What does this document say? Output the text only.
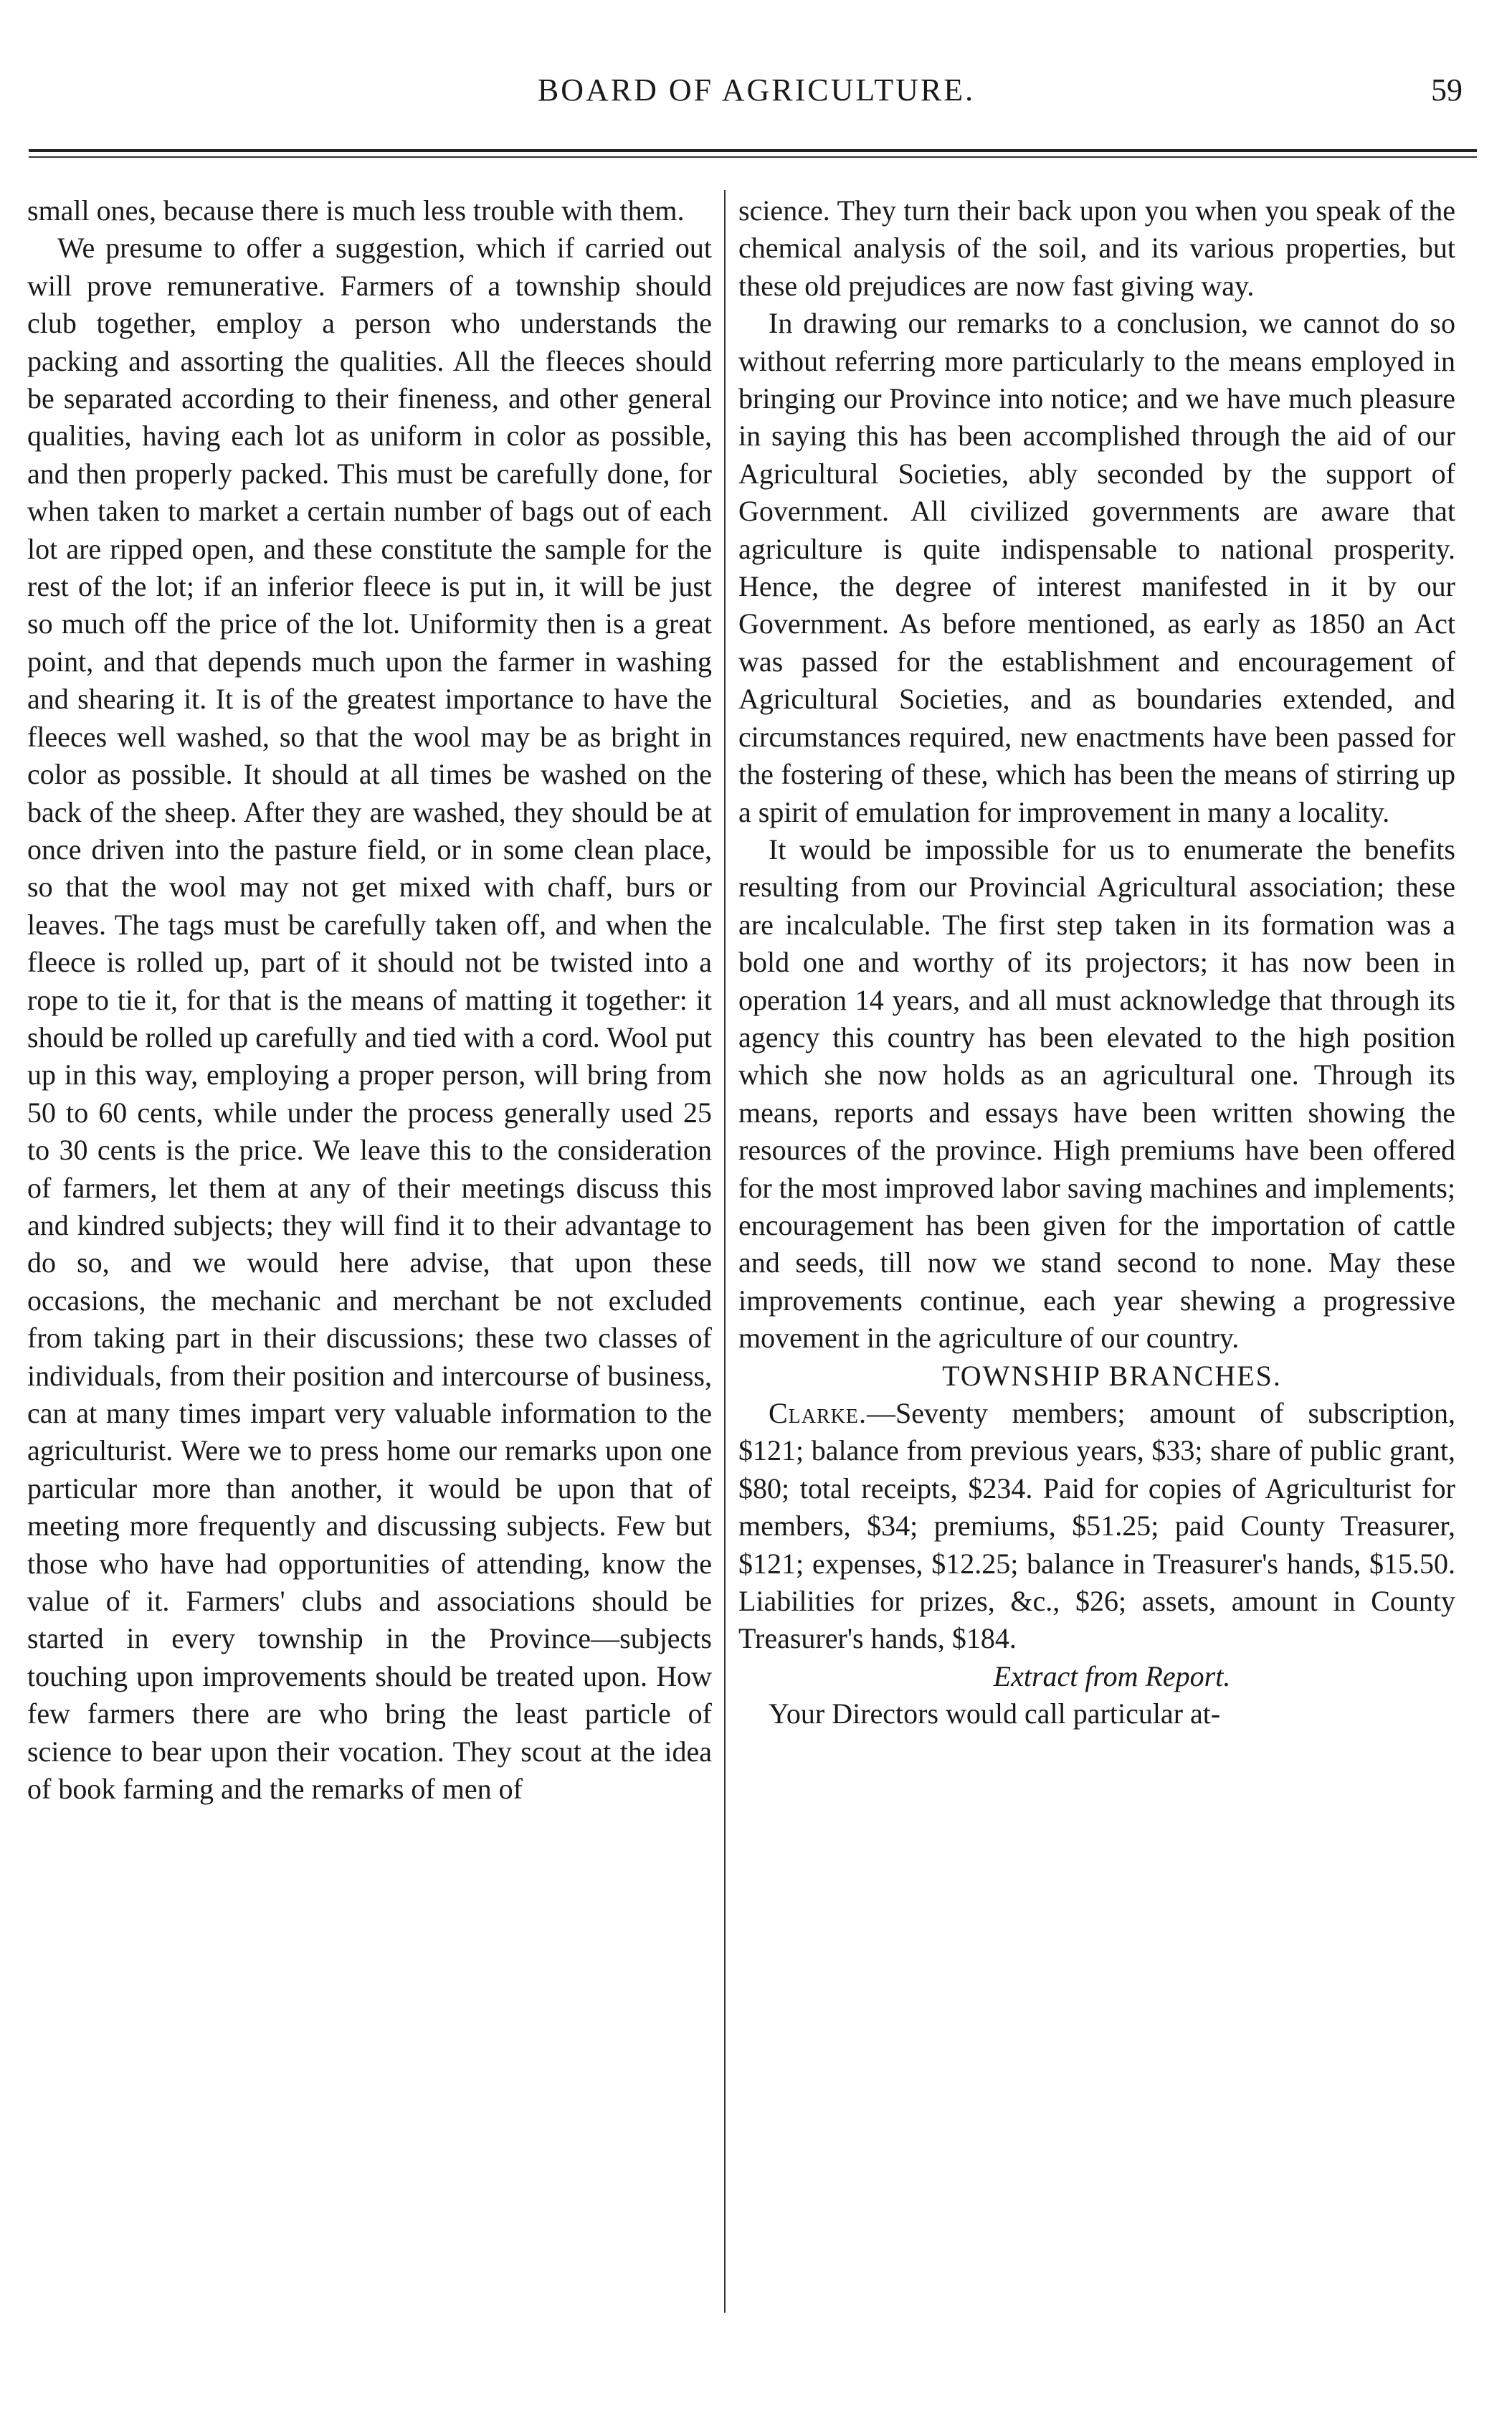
BOARD OF AGRICULTURE.	59

small ones, because there is much less trouble with them.

We presume to offer a suggestion, which if carried out will prove remunerative. Farmers of a township should club together, employ a person who understands the packing and assorting the qualities. All the fleeces should be separated according to their fineness, and other general qualities, having each lot as uniform in color as possible, and then properly packed. This must be carefully done, for when taken to market a certain number of bags out of each lot are ripped open, and these constitute the sample for the rest of the lot; if an inferior fleece is put in, it will be just so much off the price of the lot. Uniformity then is a great point, and that depends much upon the farmer in washing and shearing it. It is of the greatest importance to have the fleeces well washed, so that the wool may be as bright in color as possible. It should at all times be washed on the back of the sheep. After they are washed, they should be at once driven into the pasture field, or in some clean place, so that the wool may not get mixed with chaff, burs or leaves. The tags must be carefully taken off, and when the fleece is rolled up, part of it should not be twisted into a rope to tie it, for that is the means of matting it together: it should be rolled up carefully and tied with a cord. Wool put up in this way, employing a proper person, will bring from 50 to 60 cents, while under the process generally used 25 to 30 cents is the price. We leave this to the consideration of farmers, let them at any of their meetings discuss this and kindred subjects; they will find it to their advantage to do so, and we would here advise, that upon these occasions, the mechanic and merchant be not excluded from taking part in their discussions; these two classes of individuals, from their position and intercourse of business, can at many times impart very valuable information to the agriculturist. Were we to press home our remarks upon one particular more than another, it would be upon that of meeting more frequently and discussing subjects. Few but those who have had opportunities of attending, know the value of it. Farmers' clubs and associations should be started in every township in the Province—subjects touching upon improvements should be treated upon. How few farmers there are who bring the least particle of science to bear upon their vocation. They scout at the idea of book farming and the remarks of men of

science. They turn their back upon you when you speak of the chemical analysis of the soil, and its various properties, but these old prejudices are now fast giving way.

In drawing our remarks to a conclusion, we cannot do so without referring more particularly to the means employed in bringing our Province into notice; and we have much pleasure in saying this has been accomplished through the aid of our Agricultural Societies, ably seconded by the support of Government. All civilized governments are aware that agriculture is quite indispensable to national prosperity. Hence, the degree of interest manifested in it by our Government. As before mentioned, as early as 1850 an Act was passed for the establishment and encouragement of Agricultural Societies, and as boundaries extended, and circumstances required, new enactments have been passed for the fostering of these, which has been the means of stirring up a spirit of emulation for improvement in many a locality.

It would be impossible for us to enumerate the benefits resulting from our Provincial Agricultural association; these are incalculable. The first step taken in its formation was a bold one and worthy of its projectors; it has now been in operation 14 years, and all must acknowledge that through its agency this country has been elevated to the high position which she now holds as an agricultural one. Through its means, reports and essays have been written showing the resources of the province. High premiums have been offered for the most improved labor saving machines and implements; encouragement has been given for the importation of cattle and seeds, till now we stand second to none. May these improvements continue, each year shewing a progressive movement in the agriculture of our country.

TOWNSHIP BRANCHES.

Clarke.—Seventy members; amount of subscription, $121; balance from previous years, $33; share of public grant, $80; total receipts, $234. Paid for copies of Agriculturist for members, $34; premiums, $51.25; paid County Treasurer, $121; expenses, $12.25; balance in Treasurer's hands, $15.50. Liabilities for prizes, &c., $26; assets, amount in County Treasurer's hands, $184.

Extract from Report.

Your Directors would call particular at-
